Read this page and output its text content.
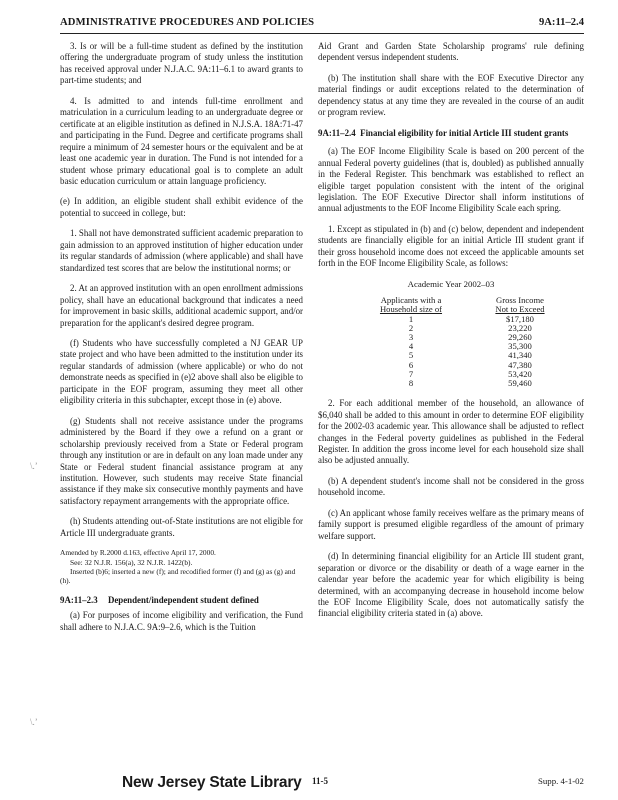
ADMINISTRATIVE PROCEDURES AND POLICIES	9A:11–2.4
\.’
\.’

3. Is or will be a full-time student as defined by the institution offering the undergraduate program of study unless the institution has received approval under N.J.A.C. 9A:11–6.1 to award grants to part-time students; and

4. Is admitted to and intends full-time enrollment and matriculation in a curriculum leading to an undergraduate degree or certificate at an eligible institution as defined in N.J.S.A. 18A:71-47 and participating in the Fund. Degree and certificate programs shall require a minimum of 24 semester hours or the equivalent and be at least one academic year in duration. The Fund is not intended for a student whose primary educational goal is to complete an adult basic education curriculum or attain language proficiency.

(e) In addition, an eligible student shall exhibit evidence of the potential to succeed in college, but:

1. Shall not have demonstrated sufficient academic preparation to gain admission to an approved institution of higher education under its regular standards of admission (where applicable) and shall have standardized test scores that are below the institutional norms; or

2. At an approved institution with an open enrollment admissions policy, shall have an educational background that indicates a need for improvement in basic skills, additional academic support, and/or preparation for the applicant's desired degree program.

(f) Students who have successfully completed a NJ GEAR UP state project and who have been admitted to the institution under its regular standards of admission (where applicable) or who do not demonstrate needs as specified in (e)2 above shall also be eligible to participate in the EOF program, assuming they meet all other eligibility criteria in this subchapter, except those in (e) above.

(g) Students shall not receive assistance under the programs administered by the Board if they owe a refund on a grant or scholarship previously received from a State or Federal program through any institution or are in default on any loan made under any State or Federal student financial assistance program at any institution. However, such students may receive State financial assistance if they make six consecutive monthly payments and have satisfactory repayment arrangements with the appropriate office.

(h) Students attending out-of-State institutions are not eligible for Article III undergraduate grants.

Amended by R.2000 d.163, effective April 17, 2000.
See: 32 N.J.R. 156(a), 32 N.J.R. 1422(b).
Inserted (b)6; inserted a new (f); and recodified former (f) and (g) as (g) and (h).
9A:11–2.3 Dependent/independent student defined

(a) For purposes of income eligibility and verification, the Fund shall adhere to N.J.A.C. 9A:9–2.6, which is the Tuition

Aid Grant and Garden State Scholarship programs' rule defining dependent versus independent students.

(b) The institution shall share with the EOF Executive Director any material findings or audit exceptions related to the determination of dependency status at any time they are revealed in the course of an audit or program review.

9A:11–2.4 Financial eligibility for initial Article III student grants

(a) The EOF Income Eligibility Scale is based on 200 percent of the annual Federal poverty guidelines (that is, doubled) as published annually in the Federal Register. This benchmark was established to reflect an eligible target population consistent with the intent of the original legislation. The EOF Executive Director shall inform institutions of annual adjustments to the EOF Income Eligibility Scale each spring.

1. Except as stipulated in (b) and (c) below, dependent and independent students are financially eligible for an initial Article III student grant if their gross household income does not exceed the applicable amounts set forth in the EOF Income Eligibility Scale, as follows:

Academic Year 2002–03
Applicants with a	Gross Income
Household size of	Not to Exceed
1	$17,180
2	23,220
3	29,260
4	35,300
5	41,340
6	47,380
7	53,420
8	59,460

2. For each additional member of the household, an allowance of $6,040 shall be added to this amount in order to determine EOF eligibility for the 2002-03 academic year. This allowance shall be adjusted to reflect changes in the Federal poverty guidelines as published in the Federal Register. In addition the gross income level for each household size shall also be adjusted annually.

(b) A dependent student's income shall not be considered in the gross household income.

(c) An applicant whose family receives welfare as the primary means of family support is presumed eligible regardless of the amount of primary welfare support.

(d) In determining financial eligibility for an Article III student grant, separation or divorce or the disability or death of a wage earner in the calendar year before the academic year for which eligibility is being determined, with an accompanying decrease in household income below the EOF Income Eligibility Scale, does not automatically satisfy the financial eligibility criteria stated in (a) above.

New Jersey State Library 11-5	Supp. 4-1-02
